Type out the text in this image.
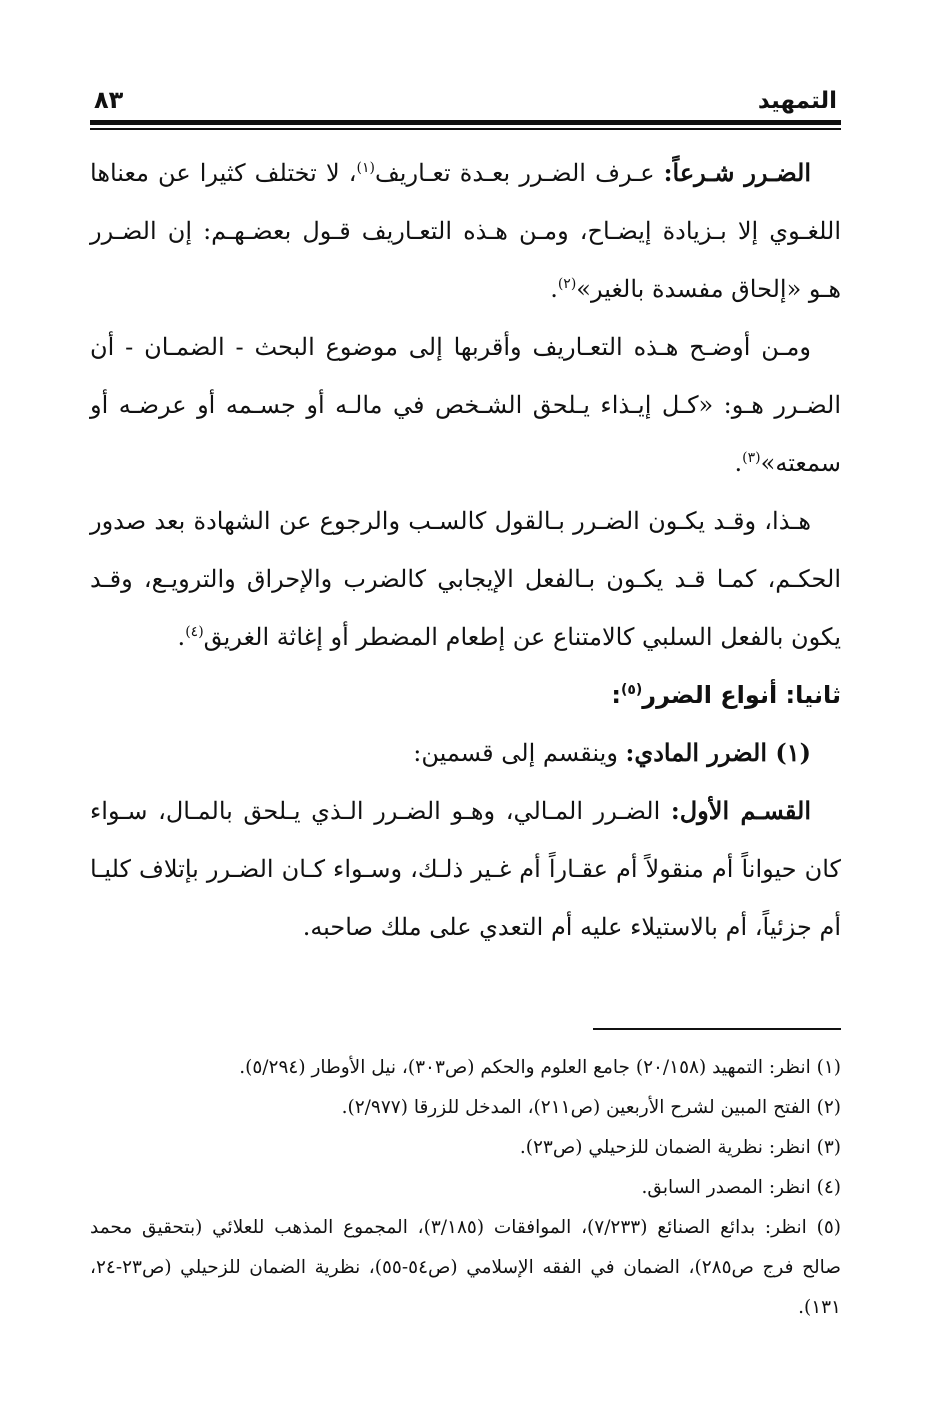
التمهيد
٨٣

الضـرر شـرعاً: عـرف الضـرر بعـدة تعـاريف$^{(١)}$، لا تختلف كثيرا عن معناها اللغـوي إلا بـزيادة إيضـاح، ومـن هـذه التعـاريف قـول بعضـهـم: إن الضـرر هـو «إلحاق مفسدة بالغير»$^{(٢)}$.

ومـن أوضـح هـذه التعـاريف وأقربها إلى موضوع البحث - الضمـان - أن الضـرر هـو: «كـل إيـذاء يـلحق الشـخص في مالـه أو جسـمه أو عرضـه أو سمعته»$^{(٣)}$.

هـذا، وقـد يكـون الضـرر بـالقول كالسـب والرجوع عن الشهادة بعد صدور الحكـم، كمـا قـد يكـون بـالفعل الإيجابي كالضرب والإحراق والترويـع، وقـد يكون بالفعل السلبي كالامتناع عن إطعام المضطر أو إغاثة الغريق$^{(٤)}$.

ثانيا: أنواع الضرر$^{(٥)}$:

(١) الضرر المادي: وينقسم إلى قسمين:

القسـم الأول: الضـرر المـالي، وهـو الضـرر الـذي يـلحق بالمـال، سـواء كان حيواناً أم منقولاً أم عقـاراً أم غـير ذلـك، وسـواء كـان الضـرر بإتلاف كليـا أم جزئياً، أم بالاستيلاء عليه أم التعدي على ملك صاحبه.

(١) انظر: التمهيد (٢٠/١٥٨) جامع العلوم والحكم (ص٣٠٣)، نيل الأوطار (٥/٢٩٤).

(٢) الفتح المبين لشرح الأربعين (ص٢١١)، المدخل للزرقا (٢/٩٧٧).

(٣) انظر: نظرية الضمان للزحيلي (ص٢٣).

(٤) انظر: المصدر السابق.

(٥) انظر: بدائع الصنائع (٧/٢٣٣)، الموافقات (٣/١٨٥)، المجموع المذهب للعلائي (بتحقيق محمد صالح فرج ص٢٨٥)، الضمان في الفقه الإسلامي (ص٥٤-٥٥)، نظرية الضمان للزحيلي (ص٢٣-٢٤، ١٣١).
